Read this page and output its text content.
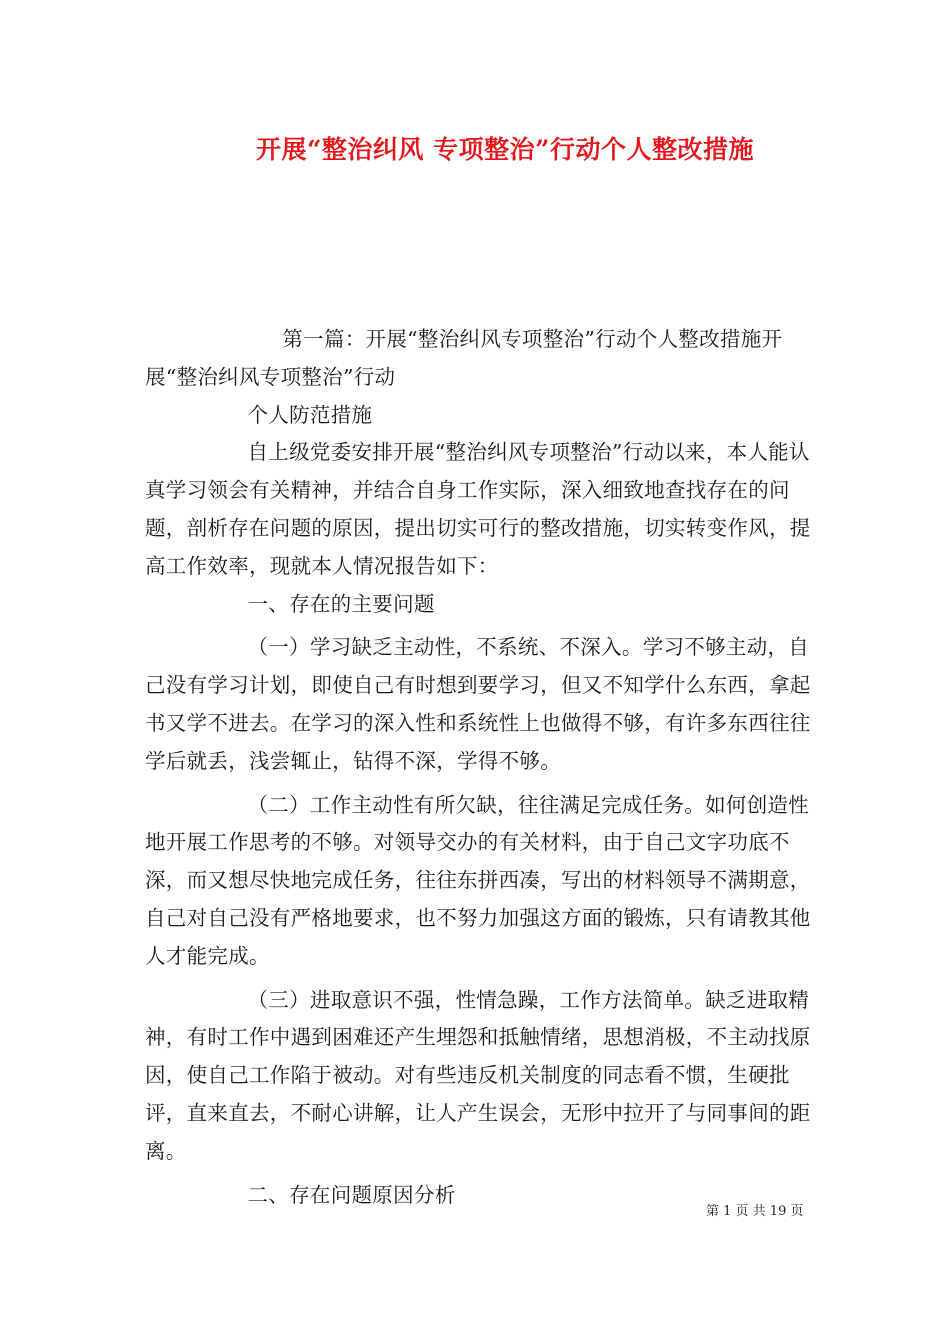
开展“整治纠风 专项整治”行动个人整改措施

第一篇：开展“整治纠风专项整治”行动个人整改措施开展“整治纠风专项整治”行动

个人防范措施

自上级党委安排开展“整治纠风专项整治”行动以来，本人能认真学习领会有关精神，并结合自身工作实际，深入细致地查找存在的问题，剖析存在问题的原因，提出切实可行的整改措施，切实转变作风，提高工作效率，现就本人情况报告如下：

一、存在的主要问题

（一）学习缺乏主动性，不系统、不深入。学习不够主动，自己没有学习计划，即使自己有时想到要学习，但又不知学什么东西，拿起书又学不进去。在学习的深入性和系统性上也做得不够，有许多东西往往学后就丢，浅尝辄止，钻得不深，学得不够。

（二）工作主动性有所欠缺，往往满足完成任务。如何创造性地开展工作思考的不够。对领导交办的有关材料，由于自己文字功底不深，而又想尽快地完成任务，往往东拼西凑，写出的材料领导不满期意，自己对自己没有严格地要求，也不努力加强这方面的锻炼，只有请教其他人才能完成。

（三）进取意识不强，性情急躁，工作方法简单。缺乏进取精神，有时工作中遇到困难还产生埋怨和抵触情绪，思想消极，不主动找原因，使自己工作陷于被动。对有些违反机关制度的同志看不惯，生硬批评，直来直去，不耐心讲解，让人产生误会，无形中拉开了与同事间的距离。

二、存在问题原因分析

第 1 页 共 19 页
